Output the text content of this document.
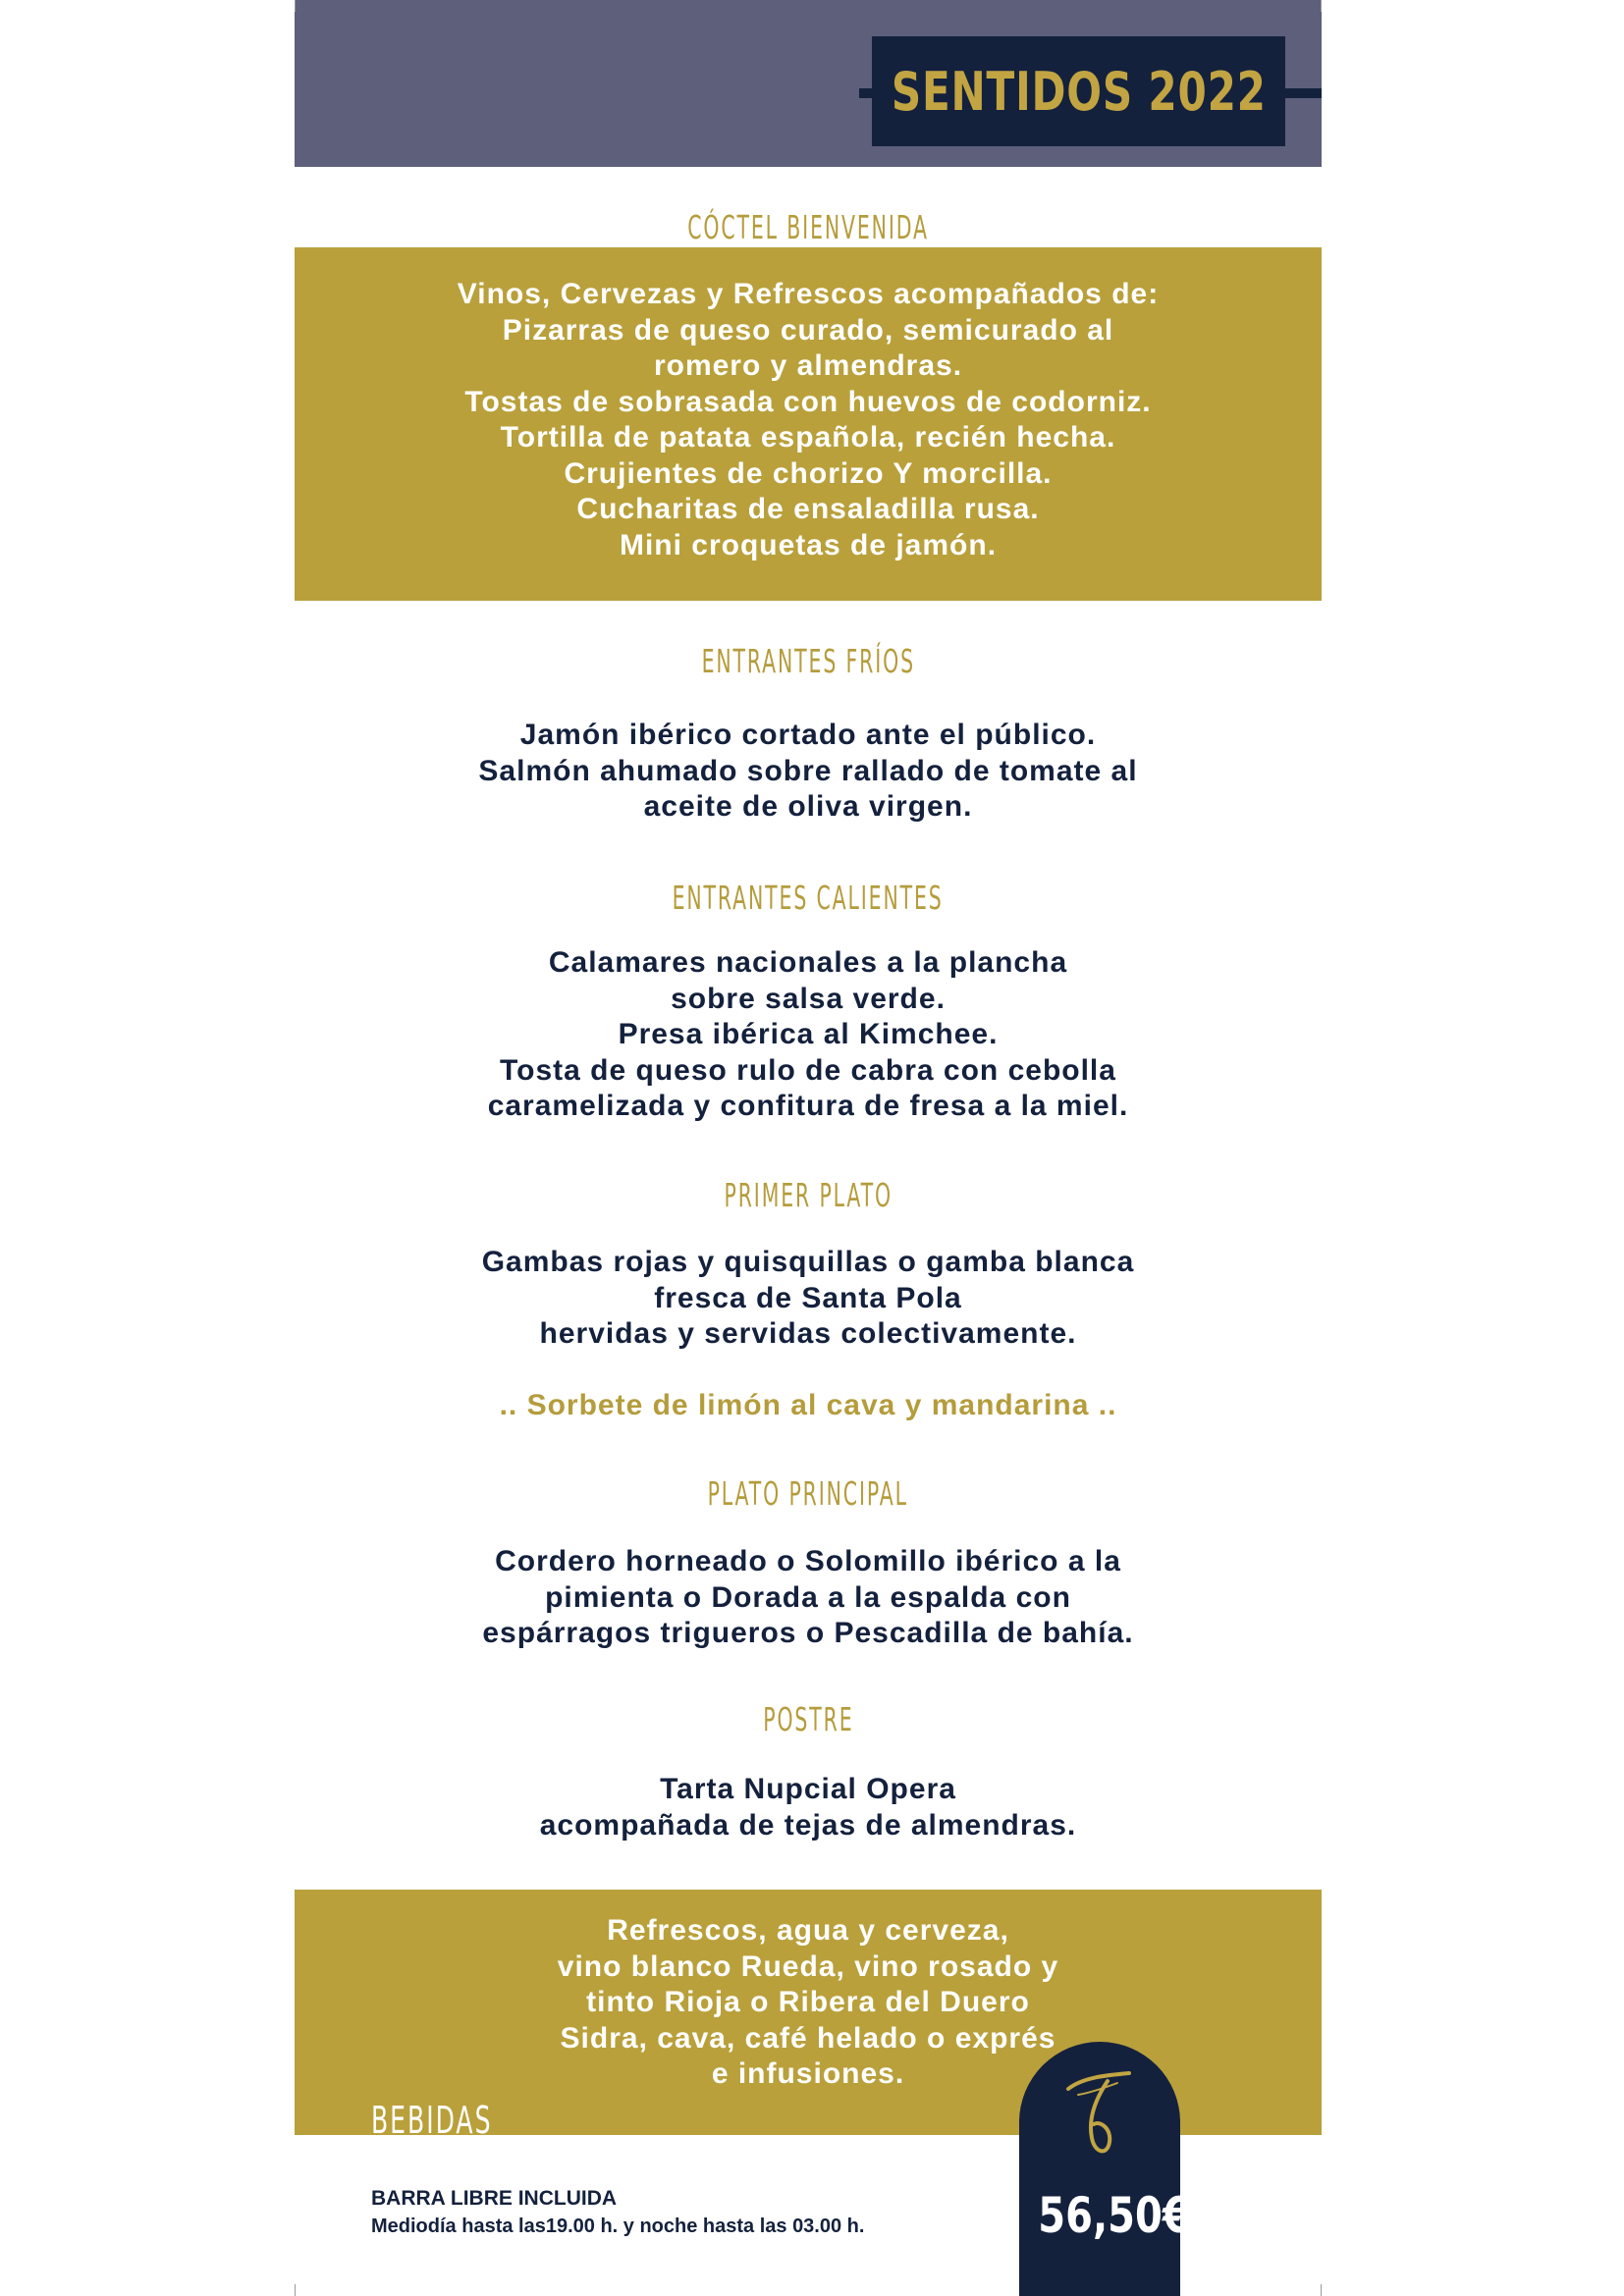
SENTIDOS 2022
CÓCTEL BIENVENIDA
Vinos, Cervezas y Refrescos acompañados de:
Pizarras de queso curado, semicurado al
romero y almendras.
Tostas de sobrasada con huevos de codorniz.
Tortilla de patata española, recién hecha.
Crujientes de chorizo Y morcilla.
Cucharitas de ensaladilla rusa.
Mini croquetas de jamón.
ENTRANTES FRÍOS
Jamón ibérico cortado ante el público.
Salmón ahumado sobre rallado de tomate al
aceite de oliva virgen.
ENTRANTES CALIENTES
Calamares nacionales a la plancha
sobre salsa verde.
Presa ibérica al Kimchee.
Tosta de queso rulo de cabra con cebolla
caramelizada y confitura de fresa a la miel.
PRIMER PLATO
Gambas rojas y quisquillas o gamba blanca
fresca de Santa Pola
hervidas y servidas colectivamente.
.. Sorbete de limón al cava y mandarina ..
PLATO PRINCIPAL
Cordero horneado o Solomillo ibérico a la
pimienta o Dorada a la espalda con
espárragos trigueros o Pescadilla de bahía.
POSTRE
Tarta Nupcial Opera
acompañada de tejas de almendras.
Refrescos, agua y cerveza,
vino blanco Rueda, vino rosado y
tinto Rioja o Ribera del Duero
Sidra, cava, café helado o exprés
e infusiones.
BEBIDAS
BARRA LIBRE INCLUIDA
Mediodía hasta las19.00 h. y noche hasta las 03.00 h.	56,50€
